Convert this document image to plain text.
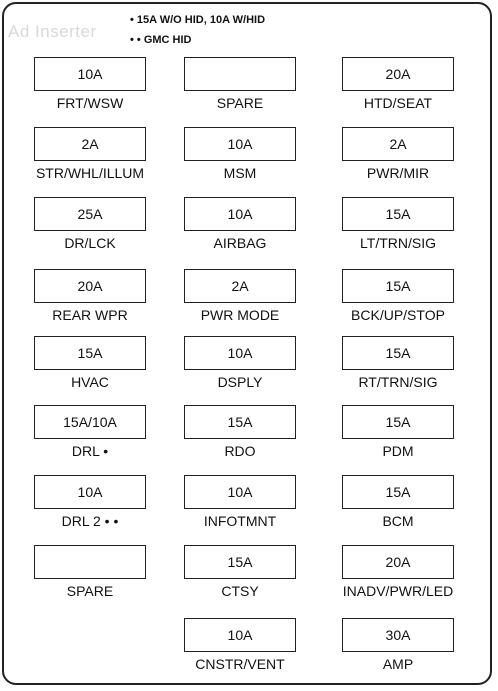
Ad Inserter
• 15A W/O HID, 10A W/HID
• • GMC HID
10A
FRT/WSW	SPARE
20A
HTD/SEAT
2A
STR/WHL/ILLUM
10A
MSM
2A
PWR/MIR
25A
DR/LCK
10A
AIRBAG
15A
LT/TRN/SIG
20A
REAR WPR
2A
PWR MODE
15A
BCK/UP/STOP
15A
HVAC
10A
DSPLY
15A
RT/TRN/SIG
15A/10A
DRL •
15A
RDO
15A
PDM
10A
DRL 2 • •
10A
INFOTMNT
15A
BCM
SPARE
15A
CTSY
20A
INADV/PWR/LED
10A
CNSTR/VENT
30A
AMP
